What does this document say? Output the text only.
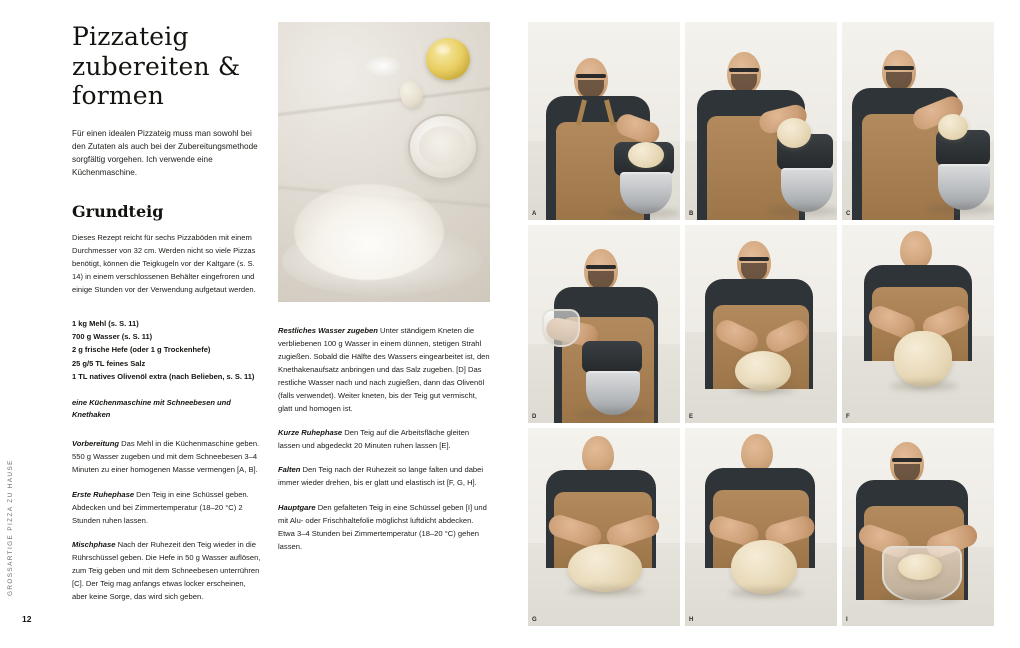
Pizzateig zubereiten & formen

Für einen idealen Pizzateig muss man sowohl bei den Zutaten als auch bei der Zubereitungsmethode sorgfältig vorgehen. Ich verwende eine Küchenmaschine.

Grundteig

Dieses Rezept reicht für sechs Pizzaböden mit einem Durchmesser von 32 cm. Werden nicht so viele Pizzas benötigt, können die Teigkugeln vor der Kaltgare (s. S. 14) in einem verschlossenen Behälter eingefroren und einige Stunden vor der Verwendung aufgetaut werden.

1 kg Mehl (s. S. 11)
700 g Wasser (s. S. 11)
2 g frische Hefe (oder 1 g Trockenhefe)
25 g/5 TL feines Salz
1 TL natives Olivenöl extra (nach Belieben, s. S. 11)

eine Küchenmaschine mit Schneebesen und Knethaken

Vorbereitung Das Mehl in die Küchenmaschine geben. 550 g Wasser zugeben und mit dem Schneebesen 3–4 Minuten zu einer homogenen Masse vermengen [A, B].

Erste Ruhephase Den Teig in eine Schüssel geben. Abdecken und bei Zimmertemperatur (18–20 °C) 2 Stunden ruhen lassen.

Mischphase Nach der Ruhezeit den Teig wieder in die Rührschüssel geben. Die Hefe in 50 g Wasser auflösen, zum Teig geben und mit dem Schneebesen unterrühren [C]. Der Teig mag anfangs etwas locker erscheinen, aber keine Sorge, das wird sich geben.

GROSSARTIGE PIZZA ZU HAUSE
12

Restliches Wasser zugeben Unter ständigem Kneten die verbliebenen 100 g Wasser in einem dünnen, stetigen Strahl zugießen. Sobald die Hälfte des Wassers eingearbeitet ist, den Knethakenaufsatz anbringen und das Salz zugeben. [D] Das restliche Wasser nach und nach zugießen, dann das Olivenöl (falls verwendet). Weiter kneten, bis der Teig gut vermischt, glatt und homogen ist.

Kurze Ruhephase Den Teig auf die Arbeitsfläche gleiten lassen und abgedeckt 20 Minuten ruhen lassen [E].

Falten Den Teig nach der Ruhezeit so lange falten und dabei immer wieder drehen, bis er glatt und elastisch ist [F, G, H].

Hauptgare Den gefalteten Teig in eine Schüssel geben [I] und mit Alu- oder Frischhaltefolie möglichst luftdicht abdecken. Etwa 3–4 Stunden bei Zimmertemperatur (18–20 °C) gehen lassen.

A	B	C
D	E	F
G	H	I
